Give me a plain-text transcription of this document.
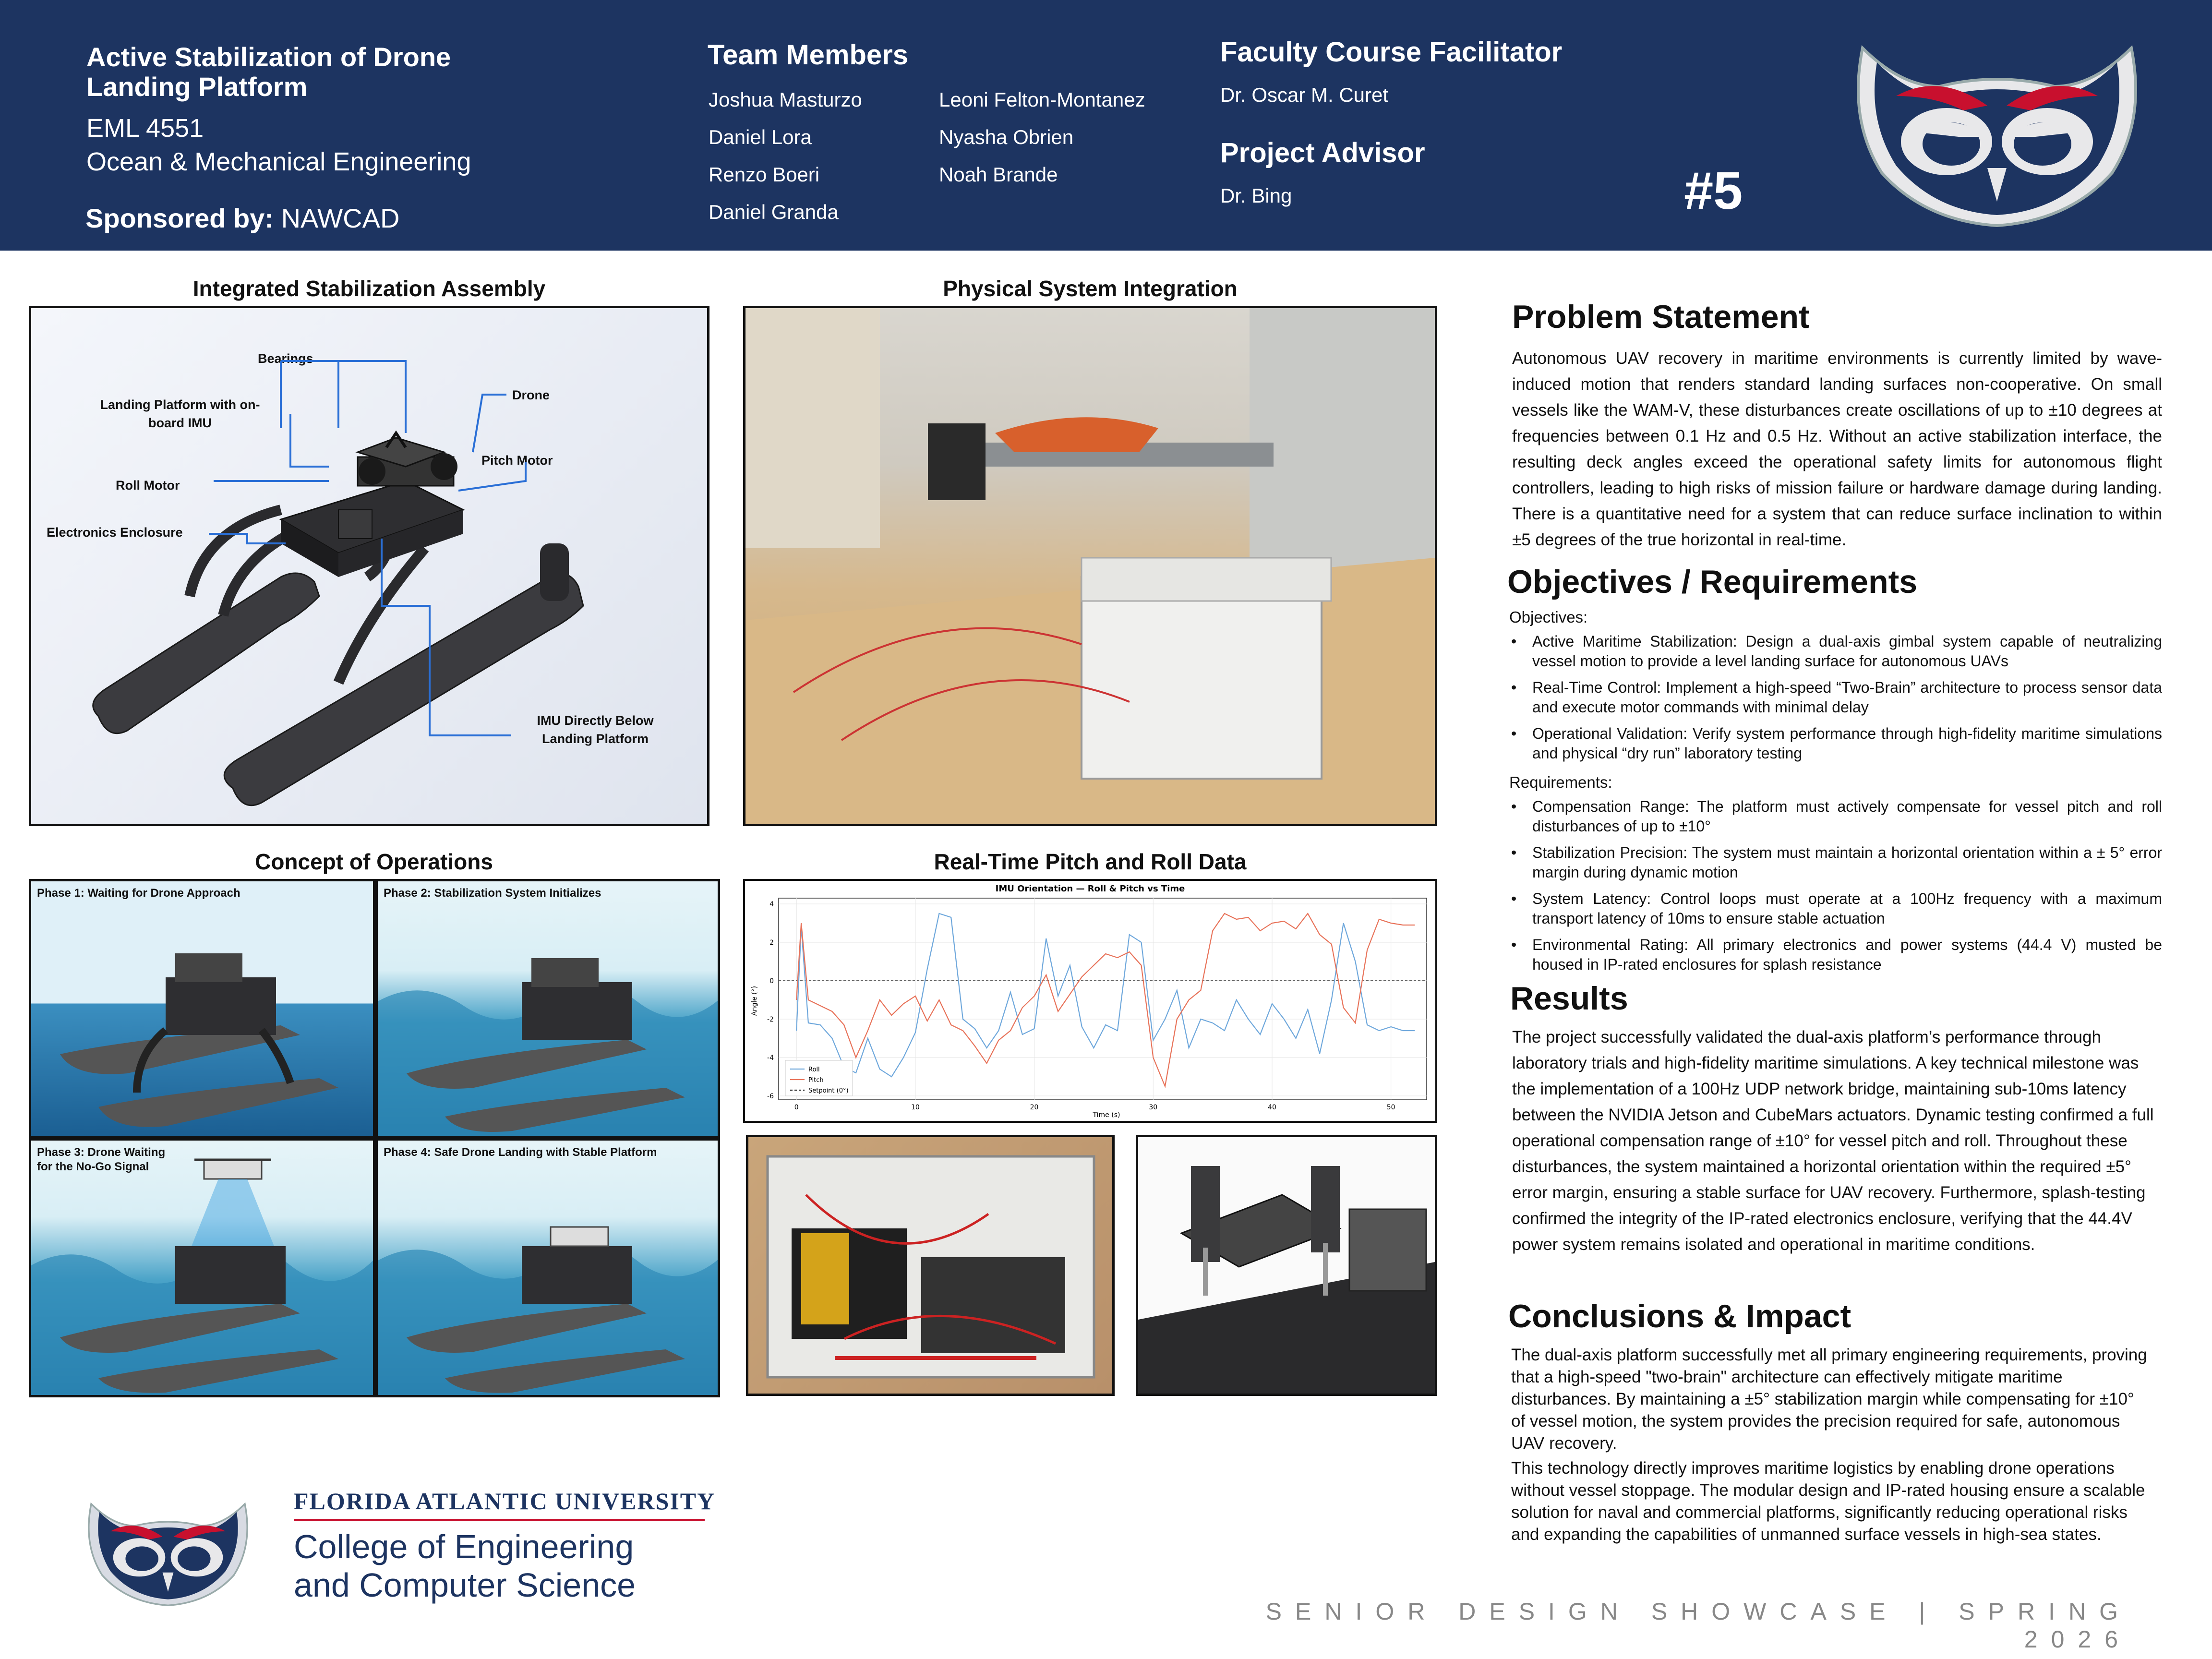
Active Stabilization of Drone Landing Platform
EML 4551
Ocean & Mechanical Engineering
Sponsored by: NAWCAD
Team Members
Joshua Masturzo
Daniel Lora
Renzo Boeri
Daniel Granda
Leoni Felton-Montanez
Nyasha Obrien
Noah Brande
Faculty Course Facilitator
Dr. Oscar M. Curet
Project Advisor
Dr. Bing	#5
Integrated Stabilization Assembly
Bearings
Landing Platform with on-board IMU
Drone
Pitch Motor
Roll Motor
Electronics Enclosure
IMU Directly Below Landing Platform
Concept of Operations
Phase 1: Waiting for Drone Approach	Phase 2: Stabilization System Initializes
Phase 3: Drone Waiting for the No-Go Signal
Phase 4: Safe Drone Landing with Stable Platform
Physical System Integration
Real-Time Pitch and Roll Data
IMU Orientation — Roll & Pitch vs Time
Time (s)
Angle (°)
0	10	20	30	40	50
-6
-4
-2
0
2
4
Roll
Pitch
Setpoint (0°)
Problem Statement
Autonomous UAV recovery in maritime environments is currently limited by wave-induced motion that renders standard landing surfaces non-cooperative. On small vessels like the WAM-V, these disturbances create oscillations of up to ±10 degrees at frequencies between 0.1 Hz and 0.5 Hz. Without an active stabilization interface, the resulting deck angles exceed the operational safety limits for autonomous flight controllers, leading to high risks of mission failure or hardware damage during landing. There is a quantitative need for a system that can reduce surface inclination to within ±5 degrees of the true horizontal in real-time.
Objectives / Requirements
Objectives:
• Active Maritime Stabilization: Design a dual-axis gimbal system capable of neutralizing vessel motion to provide a level landing surface for autonomous UAVs
• Real-Time Control: Implement a high-speed “Two-Brain” architecture to process sensor data and execute motor commands with minimal delay
• Operational Validation: Verify system performance through high-fidelity maritime simulations and physical “dry run” laboratory testing
Requirements:
• Compensation Range: The platform must actively compensate for vessel pitch and roll disturbances of up to ±10°
• Stabilization Precision: The system must maintain a horizontal orientation within a ± 5° error margin during dynamic motion
• System Latency: Control loops must operate at a 100Hz frequency with a maximum transport latency of 10ms to ensure stable actuation
• Environmental Rating: All primary electronics and power systems (44.4 V) musted be housed in IP-rated enclosures for splash resistance
Results
The project successfully validated the dual-axis platform’s performance through laboratory trials and high-fidelity maritime simulations. A key technical milestone was the implementation of a 100Hz UDP network bridge, maintaining sub-10ms latency between the NVIDIA Jetson and CubeMars actuators. Dynamic testing confirmed a full operational compensation range of ±10° for vessel pitch and roll. Throughout these disturbances, the system maintained a horizontal orientation within the required ±5° error margin, ensuring a stable surface for UAV recovery. Furthermore, splash-testing confirmed the integrity of the IP-rated electronics enclosure, verifying that the 44.4V power system remains isolated and operational in maritime conditions.
Conclusions & Impact
The dual-axis platform successfully met all primary engineering requirements, proving that a high-speed "two-brain" architecture can effectively mitigate maritime disturbances. By maintaining a ±5° stabilization margin while compensating for ±10° of vessel motion, the system provides the precision required for safe, autonomous UAV recovery.
This technology directly improves maritime logistics by enabling drone operations without vessel stoppage. The modular design and IP-rated housing ensure a scalable solution for naval and commercial platforms, significantly reducing operational risks and expanding the capabilities of unmanned surface vessels in high-sea states.
FLORIDA ATLANTIC UNIVERSITY
College of Engineering
and Computer Science
SENIOR DESIGN SHOWCASE | SPRING 2026
